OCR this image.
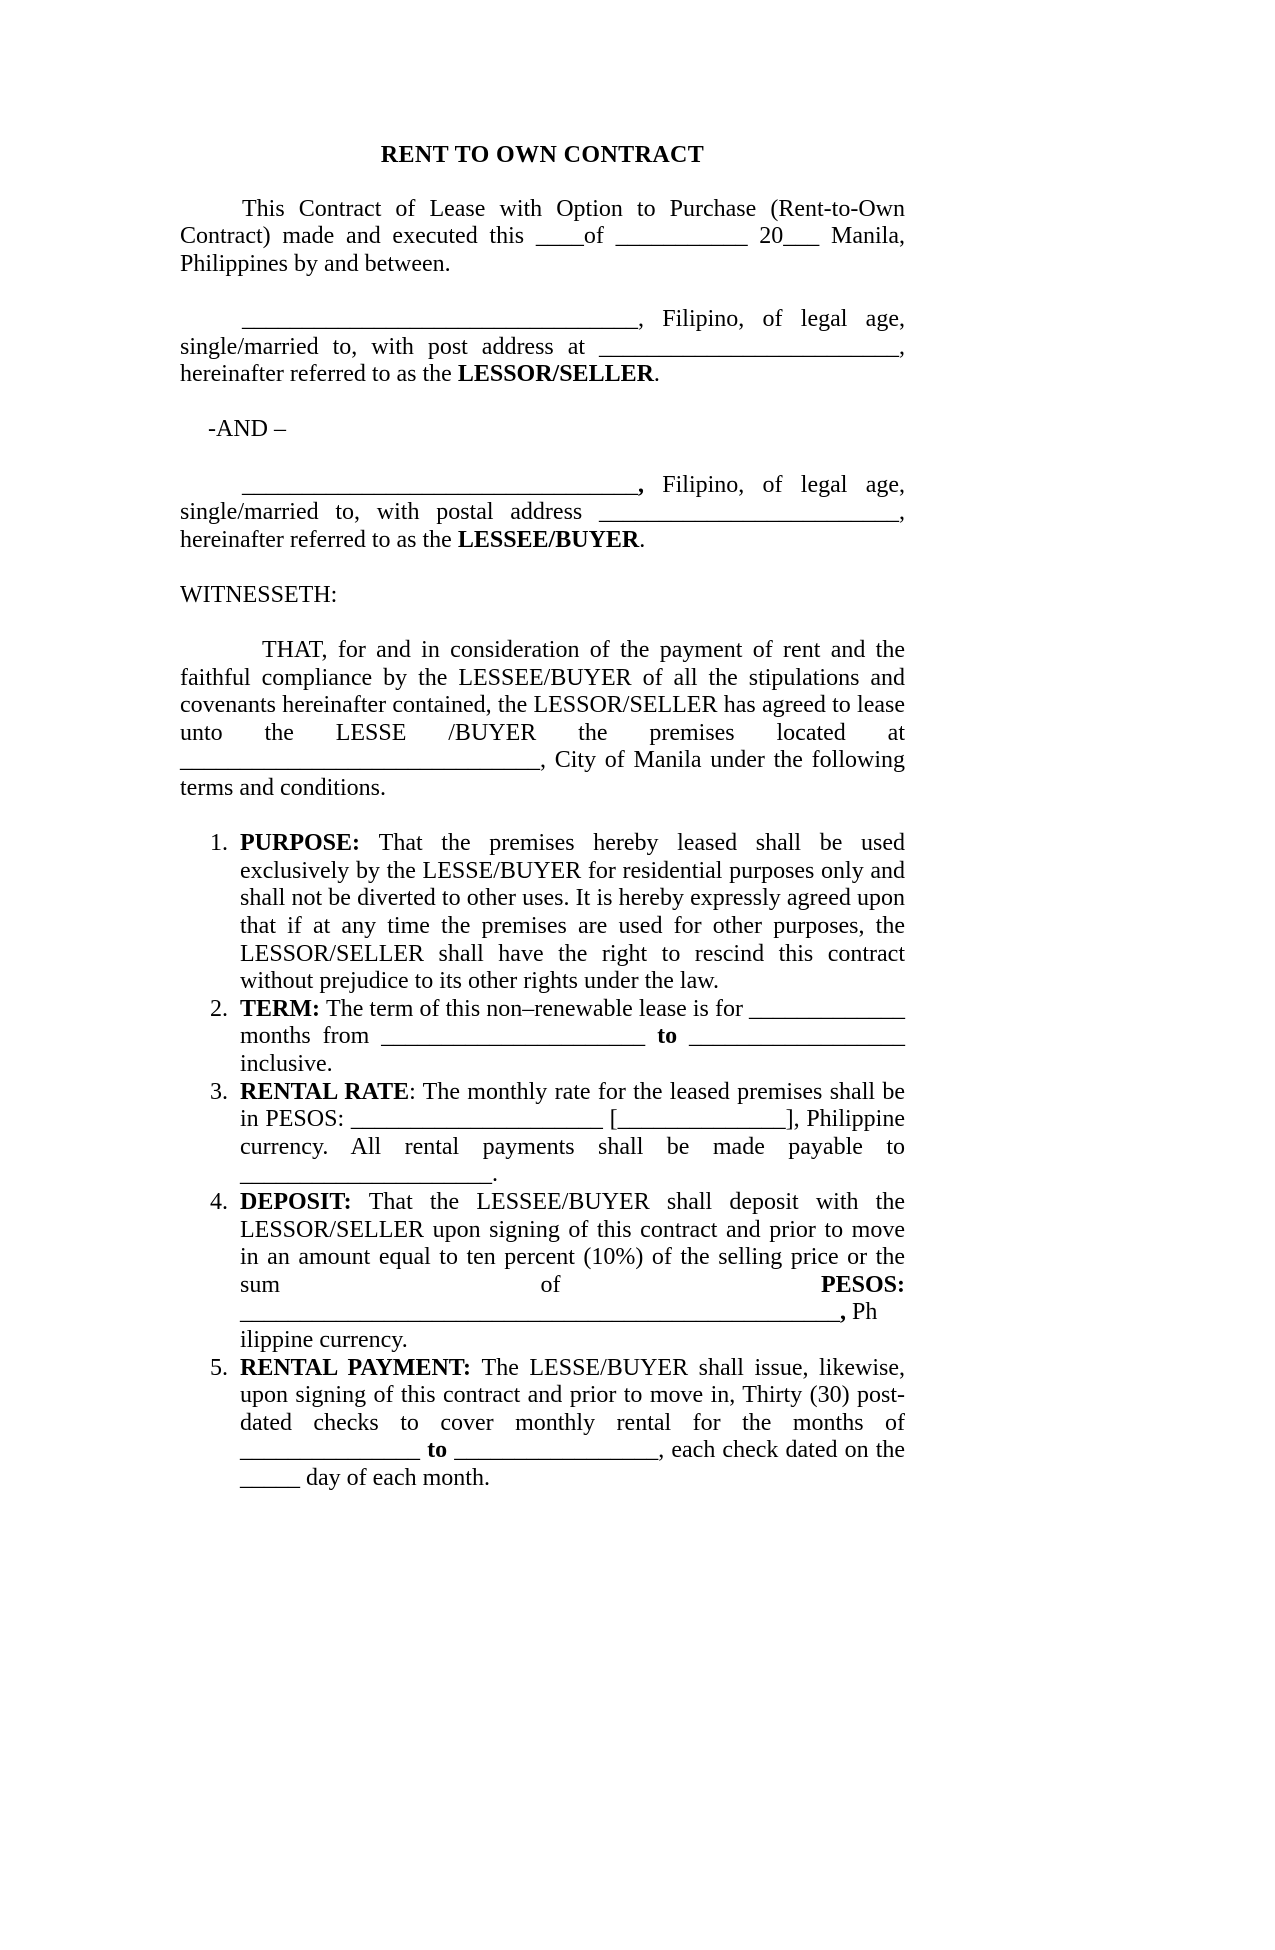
RENT TO OWN CONTRACT

This Contract of Lease with Option to Purchase (Rent-to-Own Contract) made and executed this ____of ___________ 20___ Manila, Philippines by and between.

_________________________________, Filipino, of legal age, single/married to, with post address at _________________________, hereinafter referred to as the LESSOR/SELLER.

-AND –

_________________________________, Filipino, of legal age, single/married to, with postal address _________________________, hereinafter referred to as the LESSEE/BUYER.

WITNESSETH:

THAT, for and in consideration of the payment of rent and the faithful compliance by the LESSEE/BUYER of all the stipulations and covenants hereinafter contained, the LESSOR/SELLER has agreed to lease unto the LESSE /BUYER the premises located at ______________________________, City of Manila under the following terms and conditions.

1. PURPOSE: That the premises hereby leased shall be used exclusively by the LESSE/BUYER for residential purposes only and shall not be diverted to other uses. It is hereby expressly agreed upon that if at any time the premises are used for other purposes, the LESSOR/SELLER shall have the right to rescind this contract without prejudice to its other rights under the law.
2. TERM: The term of this non–renewable lease is for _____________ months from ______________________ to __________________ inclusive.
3. RENTAL RATE: The monthly rate for the leased premises shall be in PESOS: _____________________ [______________], Philippine currency. All rental payments shall be made payable to _____________________.
4. DEPOSIT: That the LESSEE/BUYER shall deposit with the LESSOR/SELLER upon signing of this contract and prior to move in an amount equal to ten percent (10%) of the selling price or the sum of PESOS: __________________________________________________, Ph
ilippine currency.
5. RENTAL PAYMENT: The LESSE/BUYER shall issue, likewise, upon signing of this contract and prior to move in, Thirty (30) post-dated checks to cover monthly rental for the months of _______________ to _________________, each check dated on the _____ day of each month.
